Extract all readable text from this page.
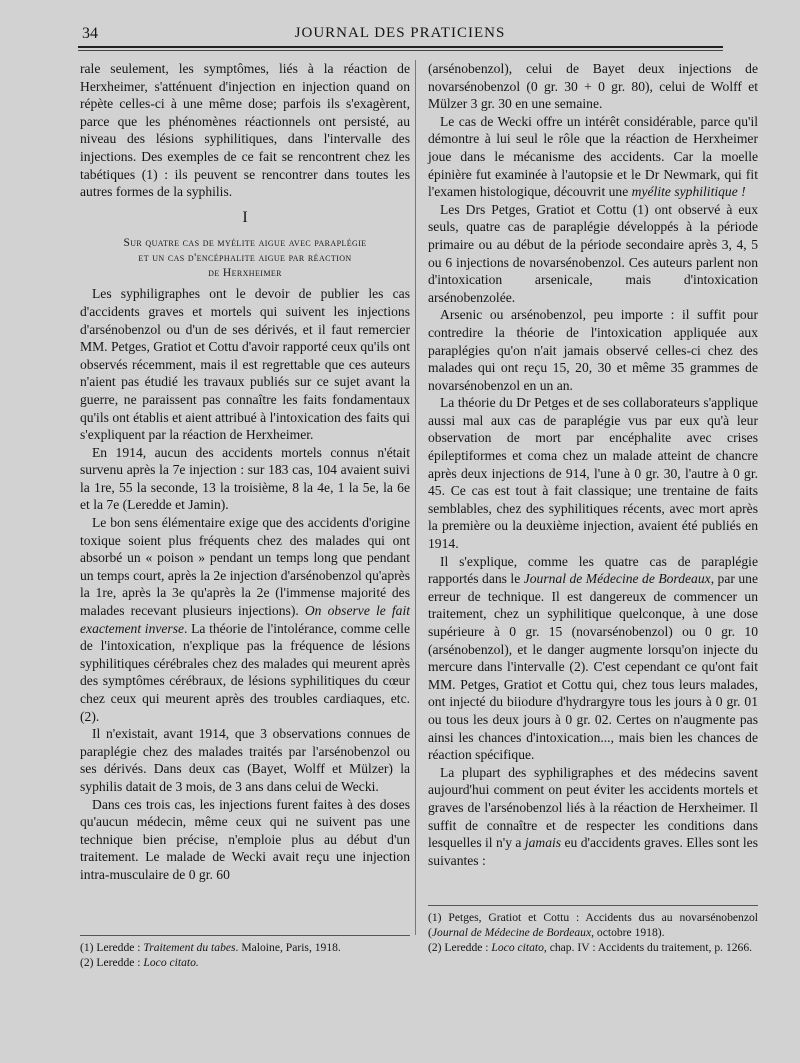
34	JOURNAL DES PRATICIENS

rale seulement, les symptômes, liés à la réaction de Herxheimer, s'atténuent d'injection en injection quand on répète celles-ci à une même dose; parfois ils s'exagèrent, parce que les phénomènes réactionnels ont persisté, au niveau des lésions syphilitiques, dans l'intervalle des injections. Des exemples de ce fait se rencontrent chez les tabétiques (1) : ils peuvent se rencontrer dans toutes les autres formes de la syphilis.

I
Sur quatre cas de myélite aigue avec paraplégie
et un cas d'encéphalite aigue par réaction
de Herxheimer

Les syphiligraphes ont le devoir de publier les cas d'accidents graves et mortels qui suivent les injections d'arsénobenzol ou d'un de ses dérivés, et il faut remercier MM. Petges, Gratiot et Cottu d'avoir rapporté ceux qu'ils ont observés récemment, mais il est regrettable que ces auteurs n'aient pas étudié les travaux publiés sur ce sujet avant la guerre, ne paraissent pas connaître les faits fondamentaux qu'ils ont établis et aient attribué à l'intoxication des faits qui s'expliquent par la réaction de Herxheimer.

En 1914, aucun des accidents mortels connus n'était survenu après la 7e injection : sur 183 cas, 104 avaient suivi la 1re, 55 la seconde, 13 la troisième, 8 la 4e, 1 la 5e, la 6e et la 7e (Leredde et Jamin).

Le bon sens élémentaire exige que des accidents d'origine toxique soient plus fréquents chez des malades qui ont absorbé un « poison » pendant un temps long que pendant un temps court, après la 2e injection d'arsénobenzol qu'après la 1re, après la 3e qu'après la 2e (l'immense majorité des malades recevant plusieurs injections). On observe le fait exactement inverse. La théorie de l'intolérance, comme celle de l'intoxication, n'explique pas la fréquence de lésions syphilitiques cérébrales chez des malades qui meurent après des symptômes cérébraux, de lésions syphilitiques du cœur chez ceux qui meurent après des troubles cardiaques, etc. (2).

Il n'existait, avant 1914, que 3 observations connues de paraplégie chez des malades traités par l'arsénobenzol ou ses dérivés. Dans deux cas (Bayet, Wolff et Mülzer) la syphilis datait de 3 mois, de 3 ans dans celui de Wecki.

Dans ces trois cas, les injections furent faites à des doses qu'aucun médecin, même ceux qui ne suivent pas une technique bien précise, n'emploie plus au début d'un traitement. Le malade de Wecki avait reçu une injection intra-musculaire de 0 gr. 60

(arsénobenzol), celui de Bayet deux injections de novarsénobenzol (0 gr. 30 + 0 gr. 80), celui de Wolff et Mülzer 3 gr. 30 en une semaine.

Le cas de Wecki offre un intérêt considérable, parce qu'il démontre à lui seul le rôle que la réaction de Herxheimer joue dans le mécanisme des accidents. Car la moelle épinière fut examinée à l'autopsie et le Dr Newmark, qui fit l'examen histologique, découvrit une myélite syphilitique !

Les Drs Petges, Gratiot et Cottu (1) ont observé à eux seuls, quatre cas de paraplégie développés à la période primaire ou au début de la période secondaire après 3, 4, 5 ou 6 injections de novarsénobenzol. Ces auteurs parlent non d'intoxication arsenicale, mais d'intoxication arsénobenzolée.

Arsenic ou arsénobenzol, peu importe : il suffit pour contredire la théorie de l'intoxication appliquée aux paraplégies qu'on n'ait jamais observé celles-ci chez des malades qui ont reçu 15, 20, 30 et même 35 grammes de novarsénobenzol en un an.

La théorie du Dr Petges et de ses collaborateurs s'applique aussi mal aux cas de paraplégie vus par eux qu'à leur observation de mort par encéphalite avec crises épileptiformes et coma chez un malade atteint de chancre après deux injections de 914, l'une à 0 gr. 30, l'autre à 0 gr. 45. Ce cas est tout à fait classique; une trentaine de faits semblables, chez des syphilitiques récents, avec mort après la première ou la deuxième injection, avaient été publiés en 1914.

Il s'explique, comme les quatre cas de paraplégie rapportés dans le Journal de Médecine de Bordeaux, par une erreur de technique. Il est dangereux de commencer un traitement, chez un syphilitique quelconque, à une dose supérieure à 0 gr. 15 (novarsénobenzol) ou 0 gr. 10 (arsénobenzol), et le danger augmente lorsqu'on injecte du mercure dans l'intervalle (2). C'est cependant ce qu'ont fait MM. Petges, Gratiot et Cottu qui, chez tous leurs malades, ont injecté du biiodure d'hydrargyre tous les jours à 0 gr. 01 ou tous les deux jours à 0 gr. 02. Certes on n'augmente pas ainsi les chances d'intoxication..., mais bien les chances de réaction spécifique.

La plupart des syphiligraphes et des médecins savent aujourd'hui comment on peut éviter les accidents mortels et graves de l'arsénobenzol liés à la réaction de Herxheimer. Il suffit de connaître et de respecter les conditions dans lesquelles il n'y a jamais eu d'accidents graves. Elles sont les suivantes :

(1) Leredde : Traitement du tabes. Maloine, Paris, 1918.

(2) Leredde : Loco citato.

(1) Petges, Gratiot et Cottu : Accidents dus au novarsénobenzol (Journal de Médecine de Bordeaux, octobre 1918).

(2) Leredde : Loco citato, chap. IV : Accidents du traitement, p. 1266.
